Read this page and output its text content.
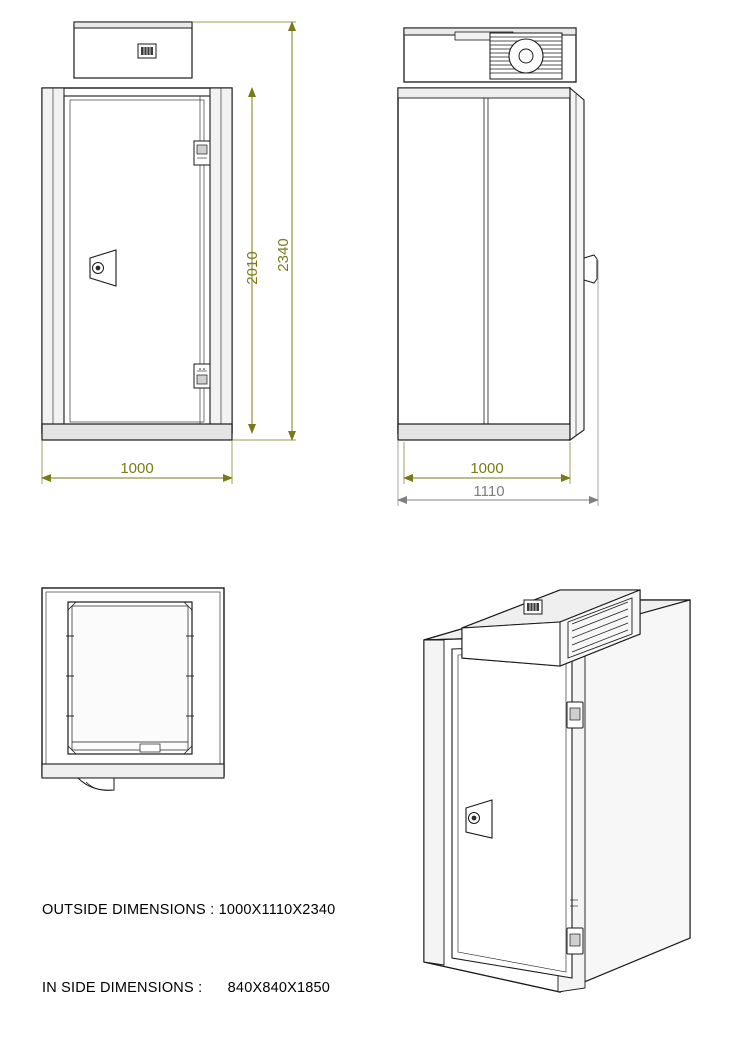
2010 2340
1000	1000
1110

OUTSIDE DIMENSIONS : 1000X1110X2340

IN SIDE DIMENSIONS :      840X840X1850
